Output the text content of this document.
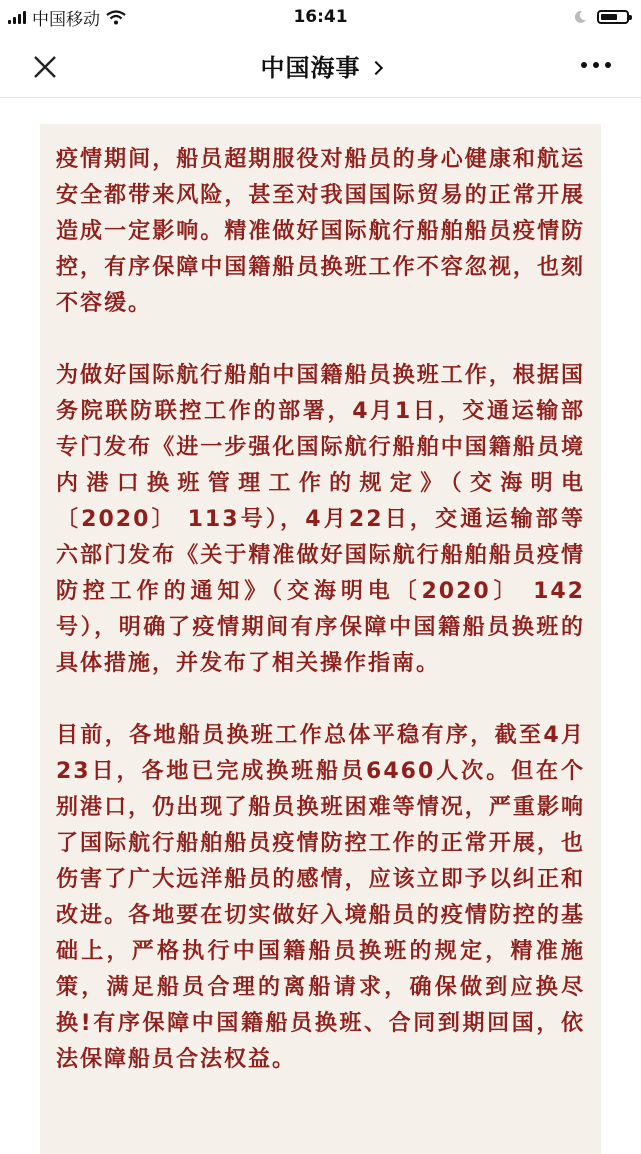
中国移动	16:41
中国海事

疫情期间，船员超期服役对船员的身心健康和航运安全都带来风险，甚至对我国国际贸易的正常开展造成一定影响。精准做好国际航行船舶船员疫情防控，有序保障中国籍船员换班工作不容忽视，也刻不容缓。

为做好国际航行船舶中国籍船员换班工作，根据国务院联防联控工作的部署，4月1日，交通运输部专门发布《进一步强化国际航行船舶中国籍船员境内港口换班管理工作的规定》（交海明电〔2020〕 113号），4月22日，交通运输部等六部门发布《关于精准做好国际航行船舶船员疫情防控工作的通知》（交海明电〔2020〕 142号），明确了疫情期间有序保障中国籍船员换班的具体措施，并发布了相关操作指南。

目前，各地船员换班工作总体平稳有序，截至4月23日，各地已完成换班船员6460人次。但在个别港口，仍出现了船员换班困难等情况，严重影响了国际航行船舶船员疫情防控工作的正常开展，也伤害了广大远洋船员的感情，应该立即予以纠正和改进。各地要在切实做好入境船员的疫情防控的基础上，严格执行中国籍船员换班的规定，精准施策，满足船员合理的离船请求，确保做到应换尽换!有序保障中国籍船员换班、合同到期回国，依法保障船员合法权益。
